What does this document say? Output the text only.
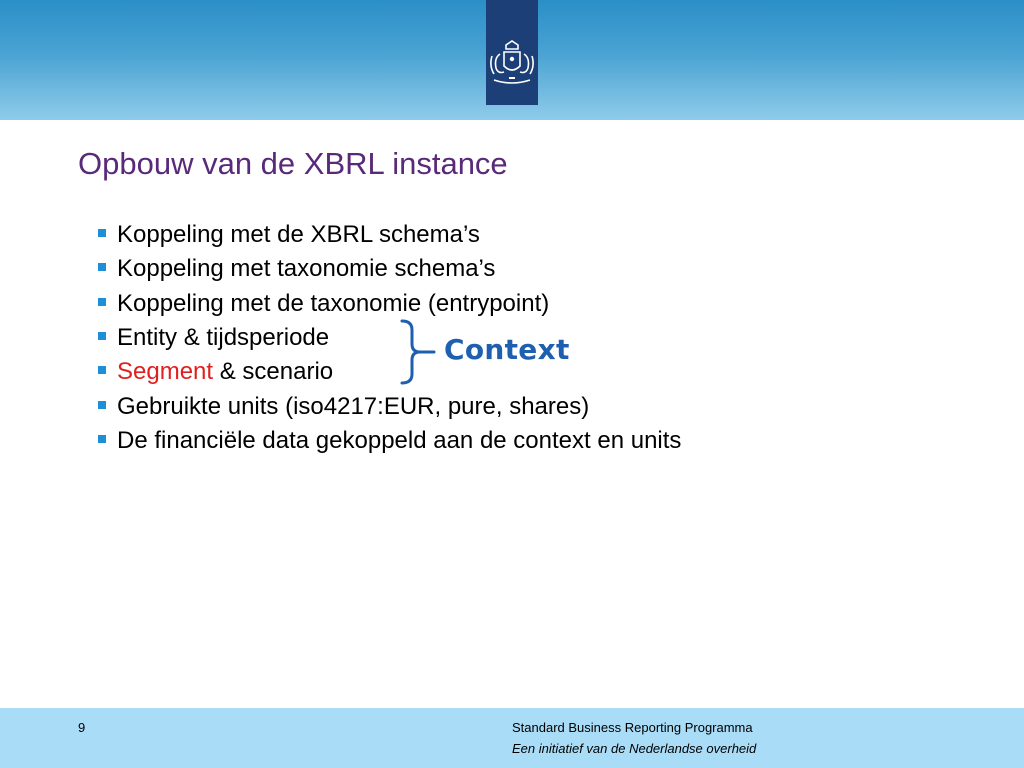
Opbouw van de XBRL instance
Koppeling met de XBRL schema’s
Koppeling met taxonomie schema’s
Koppeling met de taxonomie (entrypoint)
Entity & tijdsperiode
Segment & scenario
Gebruikte units (iso4217:EUR, pure, shares)
De financiële data gekoppeld aan de context en units
Context
9	Standard Business Reporting Programma
Een initiatief van de Nederlandse overheid
